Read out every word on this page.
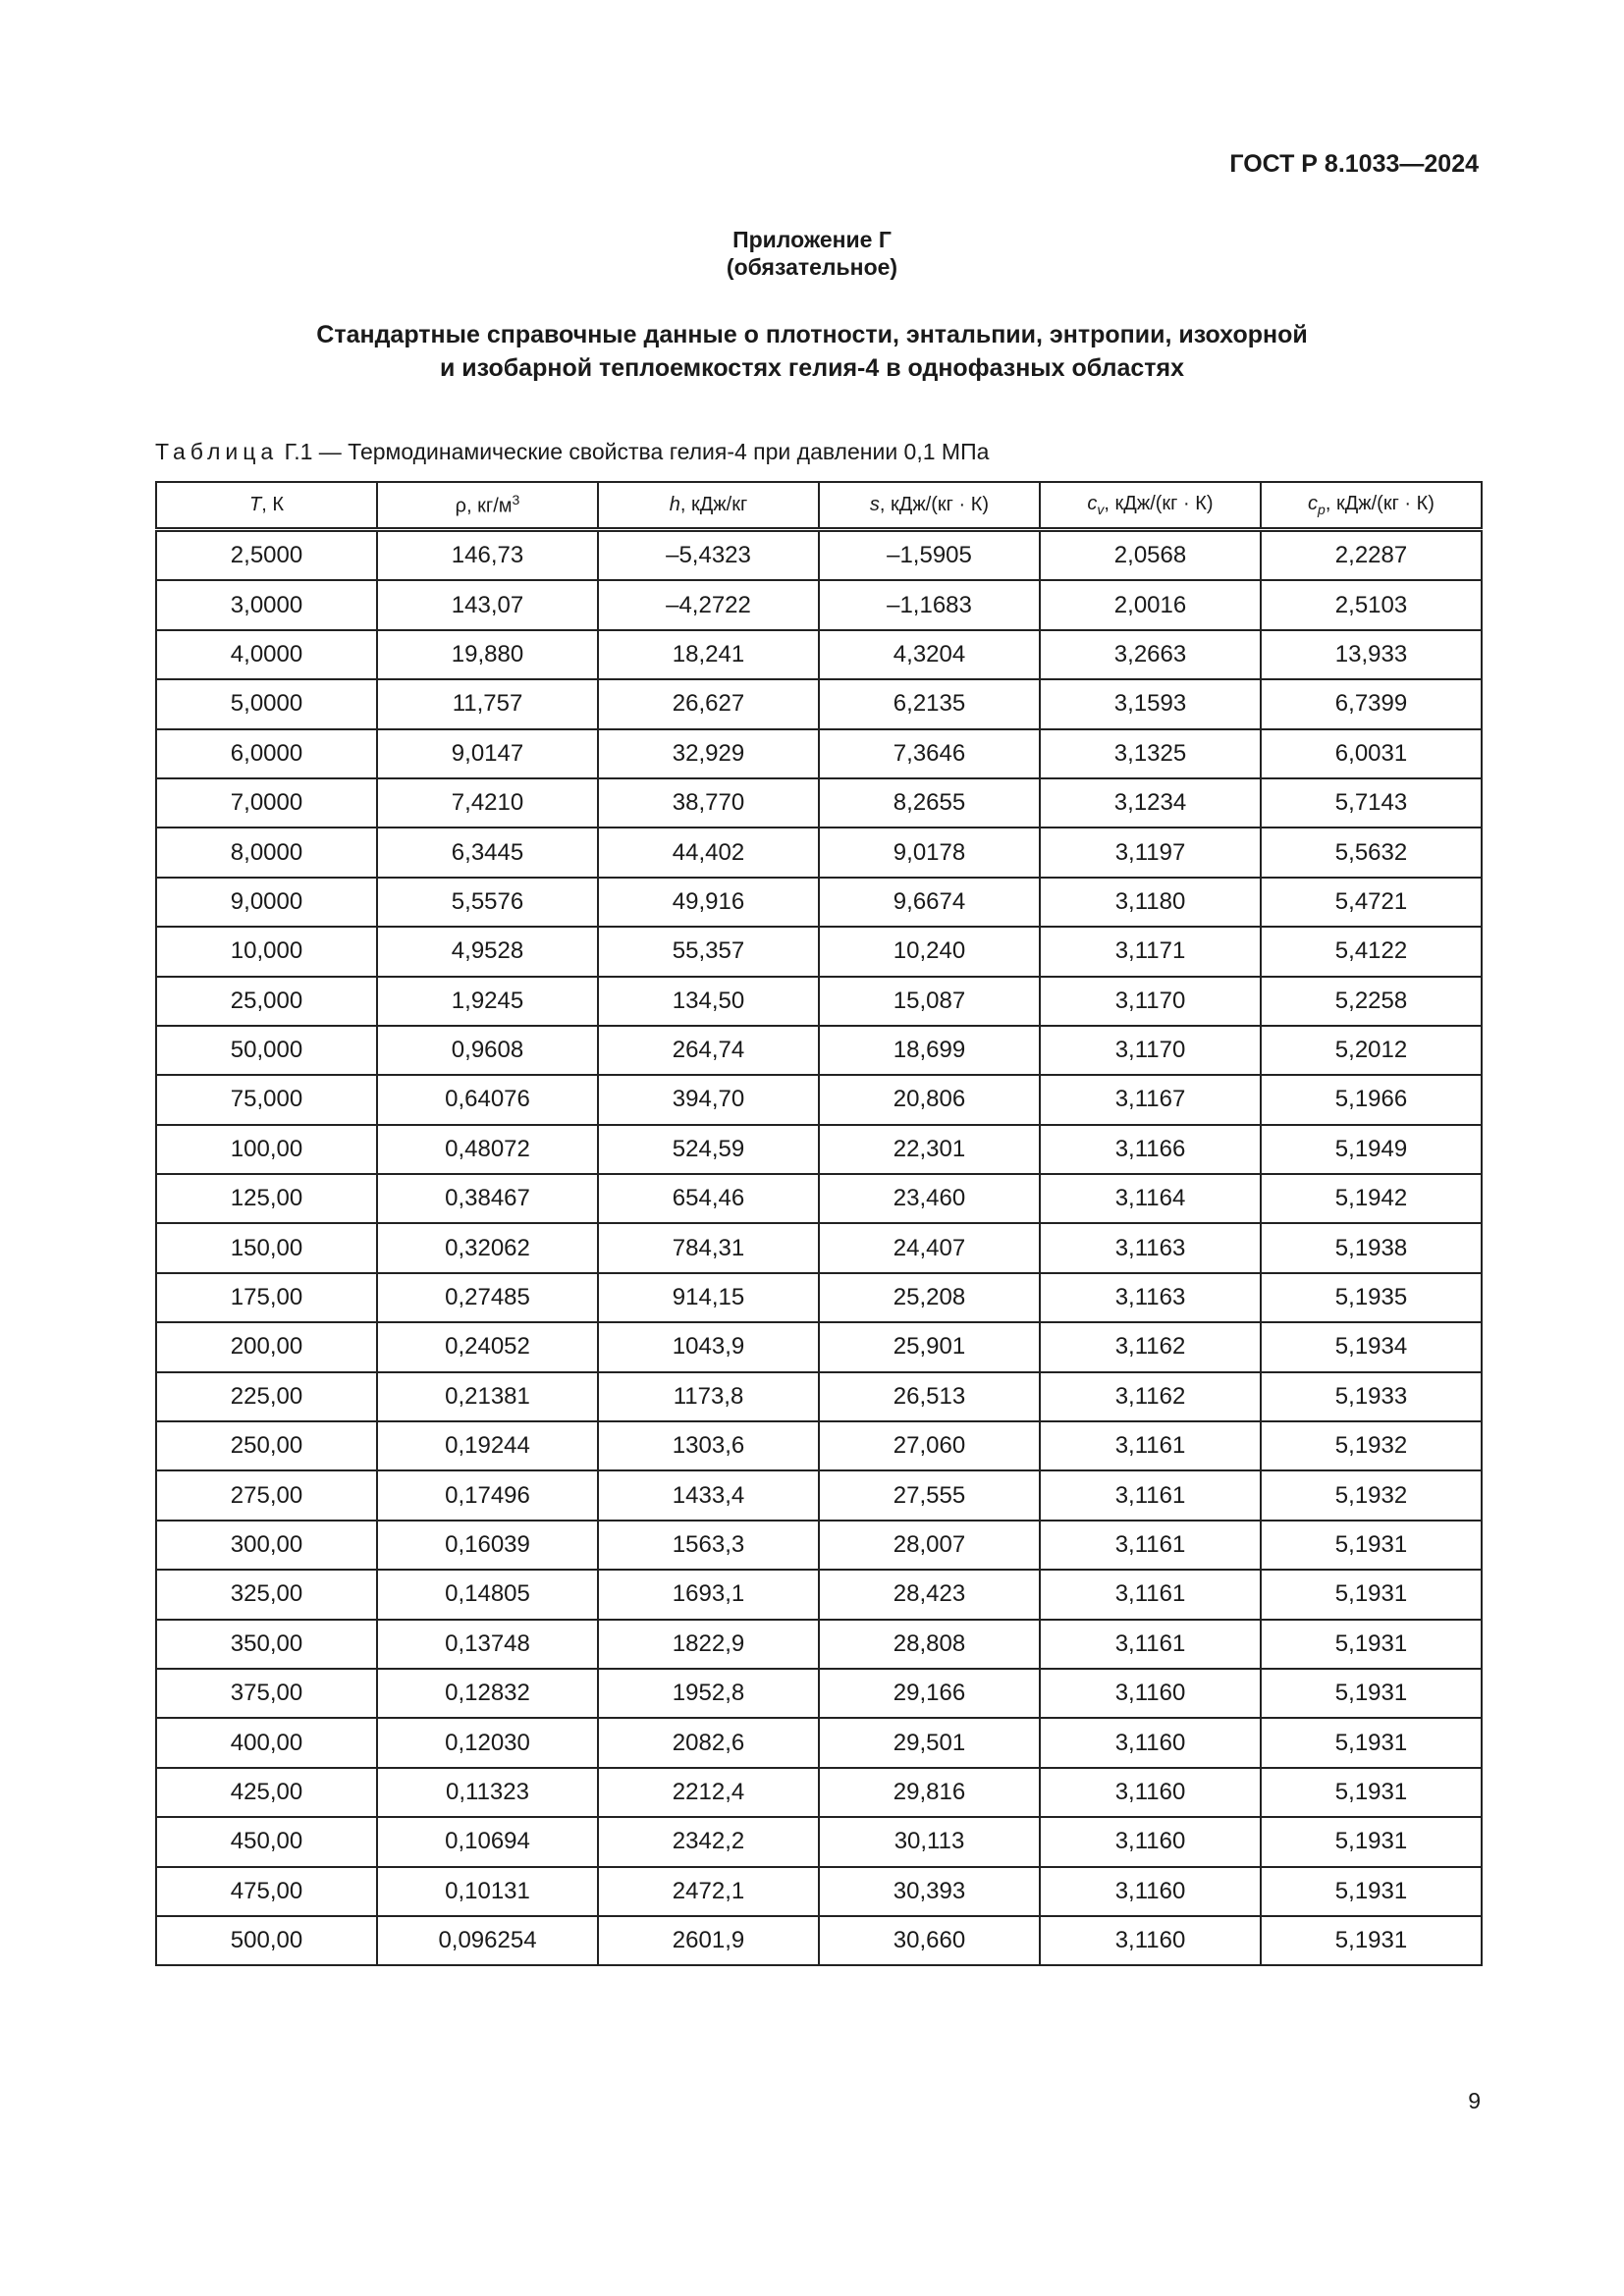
ГОСТ Р 8.1033—2024
Приложение Г
(обязательное)
Стандартные справочные данные о плотности, энтальпии, энтропии, изохорной
и изобарной теплоемкостях гелия-4 в однофазных областях
Таблица Г.1 — Термодинамические свойства гелия-4 при давлении 0,1 МПа
T, К	ρ, $кг/м^3$	h, кДж/кг	s, кДж/(кг · К)	$c_v$, кДж/(кг · К)	$c_p$, кДж/(кг · К)
2,5000	146,73	–5,4323	–1,5905	2,0568	2,2287
3,0000	143,07	–4,2722	–1,1683	2,0016	2,5103
4,0000	19,880	18,241	4,3204	3,2663	13,933
5,0000	11,757	26,627	6,2135	3,1593	6,7399
6,0000	9,0147	32,929	7,3646	3,1325	6,0031
7,0000	7,4210	38,770	8,2655	3,1234	5,7143
8,0000	6,3445	44,402	9,0178	3,1197	5,5632
9,0000	5,5576	49,916	9,6674	3,1180	5,4721
10,000	4,9528	55,357	10,240	3,1171	5,4122
25,000	1,9245	134,50	15,087	3,1170	5,2258
50,000	0,9608	264,74	18,699	3,1170	5,2012
75,000	0,64076	394,70	20,806	3,1167	5,1966
100,00	0,48072	524,59	22,301	3,1166	5,1949
125,00	0,38467	654,46	23,460	3,1164	5,1942
150,00	0,32062	784,31	24,407	3,1163	5,1938
175,00	0,27485	914,15	25,208	3,1163	5,1935
200,00	0,24052	1043,9	25,901	3,1162	5,1934
225,00	0,21381	1173,8	26,513	3,1162	5,1933
250,00	0,19244	1303,6	27,060	3,1161	5,1932
275,00	0,17496	1433,4	27,555	3,1161	5,1932
300,00	0,16039	1563,3	28,007	3,1161	5,1931
325,00	0,14805	1693,1	28,423	3,1161	5,1931
350,00	0,13748	1822,9	28,808	3,1161	5,1931
375,00	0,12832	1952,8	29,166	3,1160	5,1931
400,00	0,12030	2082,6	29,501	3,1160	5,1931
425,00	0,11323	2212,4	29,816	3,1160	5,1931
450,00	0,10694	2342,2	30,113	3,1160	5,1931
475,00	0,10131	2472,1	30,393	3,1160	5,1931
500,00	0,096254	2601,9	30,660	3,1160	5,1931
9
